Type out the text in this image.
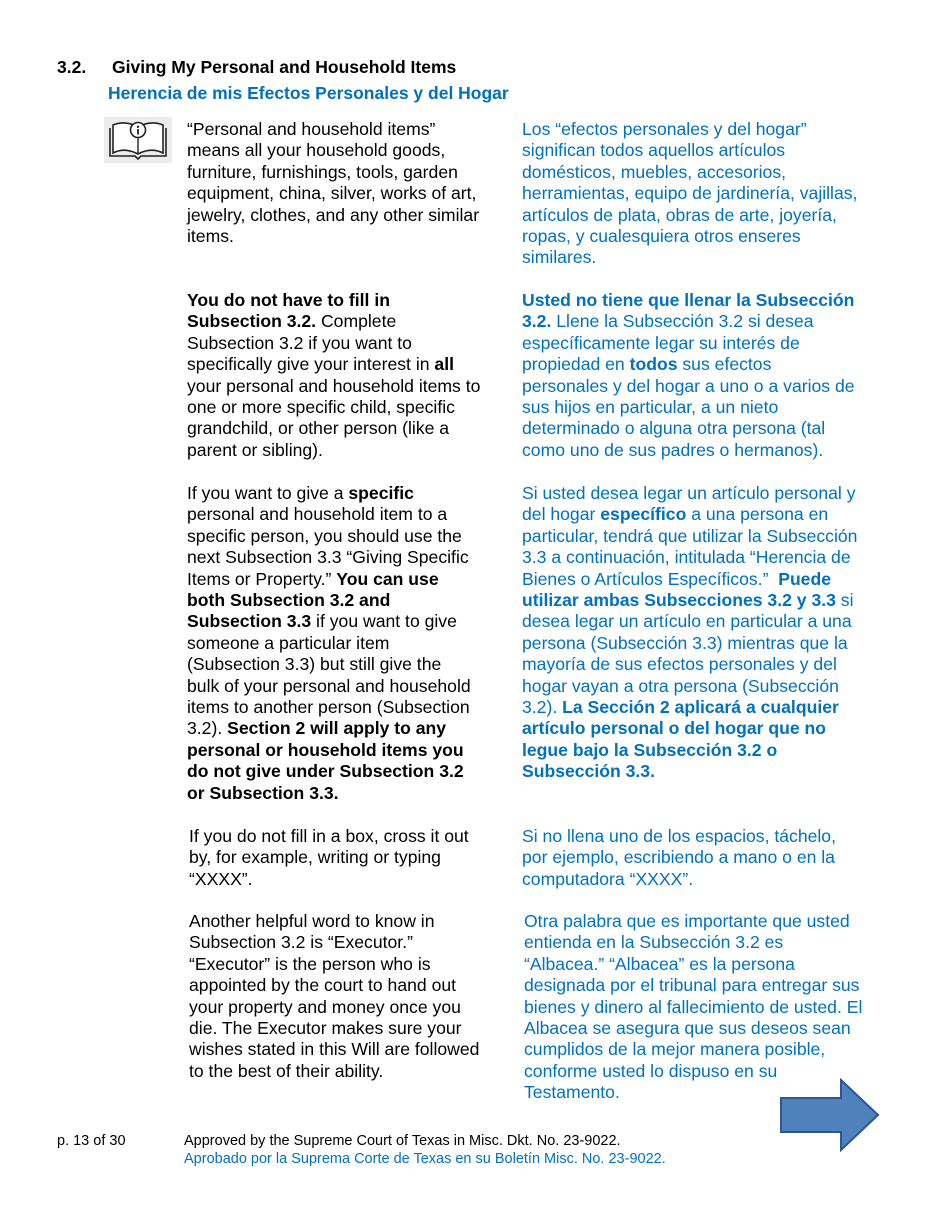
3.2. Giving My Personal and Household Items
Herencia de mis Efectos Personales y del Hogar

“Personal and household items”

means all your household goods,

furniture, furnishings, tools, garden

equipment, china, silver, works of art,

jewelry, clothes, and any other similar

items.

Los “efectos personales y del hogar”

significan todos aquellos artículos

domésticos, muebles, accesorios,

herramientas, equipo de jardinería, vajillas,

artículos de plata, obras de arte, joyería,

ropas, y cualesquiera otros enseres

similares.

You do not have to fill in

Subsection 3.2. Complete

Subsection 3.2 if you want to

specifically give your interest in all

your personal and household items to

one or more specific child, specific

grandchild, or other person (like a

parent or sibling).

Usted no tiene que llenar la Subsección

3.2. Llene la Subsección 3.2 si desea

específicamente legar su interés de

propiedad en todos sus efectos

personales y del hogar a uno o a varios de

sus hijos en particular, a un nieto

determinado o alguna otra persona (tal

como uno de sus padres o hermanos).

If you want to give a specific

personal and household item to a

specific person, you should use the

next Subsection 3.3 “Giving Specific

Items or Property.” You can use

both Subsection 3.2 and

Subsection 3.3 if you want to give

someone a particular item

(Subsection 3.3) but still give the

bulk of your personal and household

items to another person (Subsection

3.2). Section 2 will apply to any

personal or household items you

do not give under Subsection 3.2

or Subsection 3.3.

Si usted desea legar un artículo personal y

del hogar específico a una persona en

particular, tendrá que utilizar la Subsección

3.3 a continuación, intitulada “Herencia de

Bienes o Artículos Específicos.”  Puede

utilizar ambas Subsecciones 3.2 y 3.3 si

desea legar un artículo en particular a una

persona (Subsección 3.3) mientras que la

mayoría de sus efectos personales y del

hogar vayan a otra persona (Subsección

3.2). La Sección 2 aplicará a cualquier

artículo personal o del hogar que no

legue bajo la Subsección 3.2 o

Subsección 3.3.

If you do not fill in a box, cross it out

by, for example, writing or typing

“XXXX”.

Si no llena uno de los espacios, táchelo,

por ejemplo, escribiendo a mano o en la

computadora “XXXX”.

Another helpful word to know in

Subsection 3.2 is “Executor.”

“Executor” is the person who is

appointed by the court to hand out

your property and money once you

die. The Executor makes sure your

wishes stated in this Will are followed

to the best of their ability.

Otra palabra que es importante que usted

entienda en la Subsección 3.2 es

“Albacea.” “Albacea” es la persona

designada por el tribunal para entregar sus

bienes y dinero al fallecimiento de usted. El

Albacea se asegura que sus deseos sean

cumplidos de la mejor manera posible,

conforme usted lo dispuso en su

Testamento.

p. 13 of 30	Approved by the Supreme Court of Texas in Misc. Dkt. No. 23-9022.

Aprobado por la Suprema Corte de Texas en su Boletín Misc. No. 23-9022.
